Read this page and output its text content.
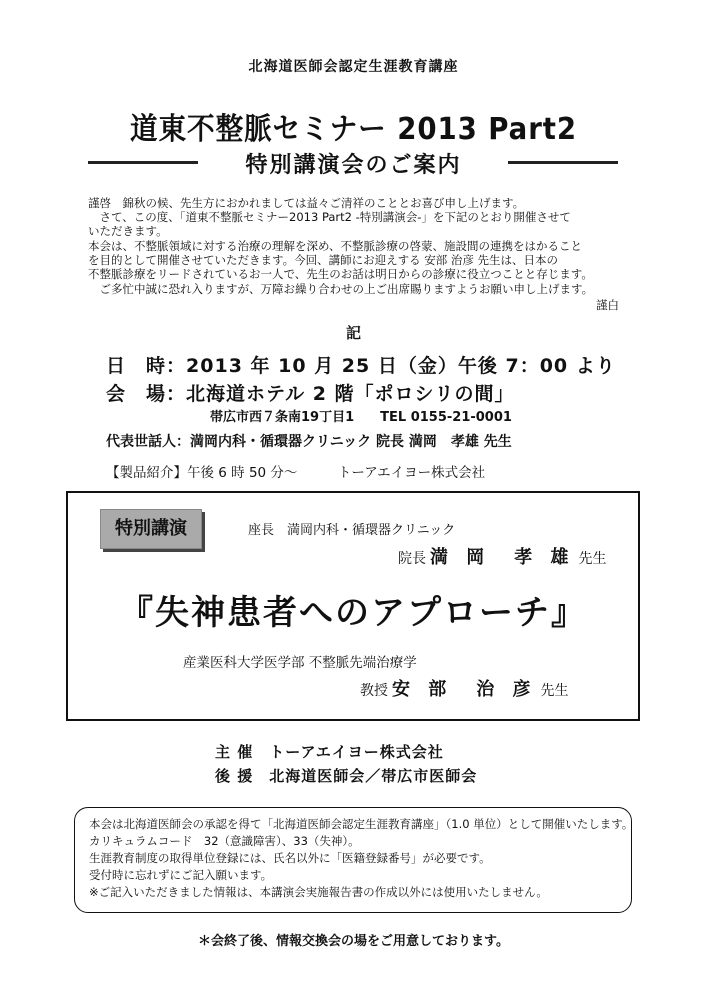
北海道医師会認定生涯教育講座
道東不整脈セミナー 2013 Part2
特別講演会のご案内
謹啓　錦秋の候、先生方におかれましては益々ご清祥のこととお喜び申し上げます。
　さて、この度、「道東不整脈セミナー2013 Part2 -特別講演会-」を下記のとおり開催させて
いただきます。
本会は、不整脈領域に対する治療の理解を深め、不整脈診療の啓蒙、施設間の連携をはかること
を目的として開催させていただきます。今回、講師にお迎えする 安部 治彦 先生は、日本の
不整脈診療をリードされているお一人で、先生のお話は明日からの診療に役立つことと存じます。
　ご多忙中誠に恐れ入りますが、万障お繰り合わせの上ご出席賜りますようお願い申し上げます。
謹白
記
日　時：2013 年 10 月 25 日（金）午後 7：00 より
会　場：北海道ホテル 2 階「ポロシリの間」
帯広市西７条南19丁目1　　TEL 0155-21-0001
代表世話人：満岡内科・循環器クリニック 院長 満岡　孝雄 先生
【製品紹介】午後 6 時 50 分～　　　トーアエイヨー株式会社
特別講演	座長　満岡内科・循環器クリニック
院長 満 岡　孝 雄 先生
『失神患者へのアプローチ』
産業医科大学医学部 不整脈先端治療学
教授 安 部　治 彦 先生
主 催　トーアエイヨー株式会社
後 援　北海道医師会／帯広市医師会
本会は北海道医師会の承認を得て「北海道医師会認定生涯教育講座」（1.0 単位）として開催いたします。
カリキュラムコード　32（意識障害）、33（失神）。
生涯教育制度の取得単位登録には、氏名以外に「医籍登録番号」が必要です。
受付時に忘れずにご記入願います。
※ご記入いただきました情報は、本講演会実施報告書の作成以外には使用いたしません。
＊会終了後、情報交換会の場をご用意しております。
